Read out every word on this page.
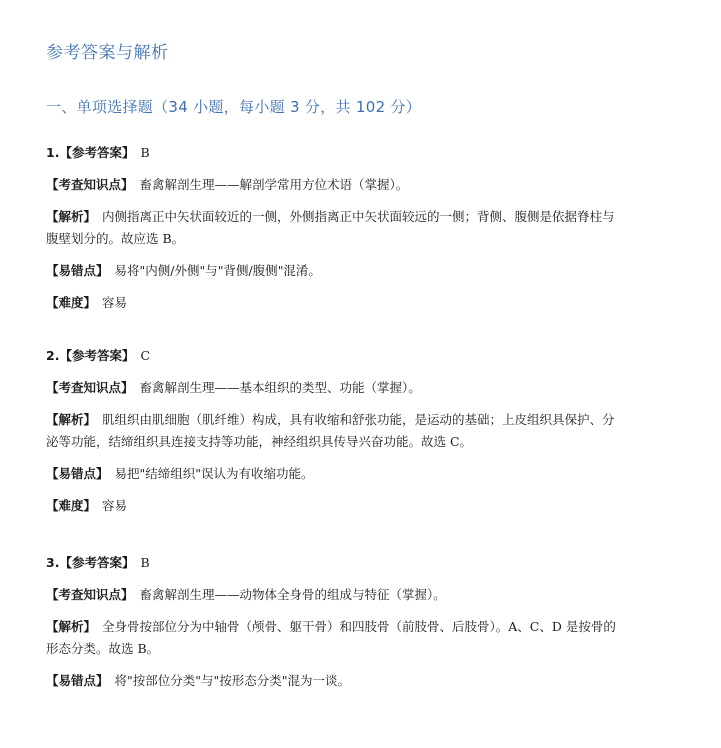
参考答案与解析
一、单项选择题（34 小题，每小题 3 分，共 102 分）

1.【参考答案】 B

【考查知识点】 畜禽解剖生理——解剖学常用方位术语（掌握）。

【解析】 内侧指离正中矢状面较近的一侧，外侧指离正中矢状面较远的一侧；背侧、腹侧是依据脊柱与

腹壁划分的。故应选 B。

【易错点】 易将"内侧/外侧"与"背侧/腹侧"混淆。

【难度】 容易

2.【参考答案】 C

【考查知识点】 畜禽解剖生理——基本组织的类型、功能（掌握）。

【解析】 肌组织由肌细胞（肌纤维）构成，具有收缩和舒张功能，是运动的基础；上皮组织具保护、分

泌等功能，结缔组织具连接支持等功能，神经组织具传导兴奋功能。故选 C。

【易错点】 易把"结缔组织"误认为有收缩功能。

【难度】 容易

3.【参考答案】 B

【考查知识点】 畜禽解剖生理——动物体全身骨的组成与特征（掌握）。

【解析】 全身骨按部位分为中轴骨（颅骨、躯干骨）和四肢骨（前肢骨、后肢骨）。A、C、D 是按骨的

形态分类。故选 B。

【易错点】 将"按部位分类"与"按形态分类"混为一谈。
